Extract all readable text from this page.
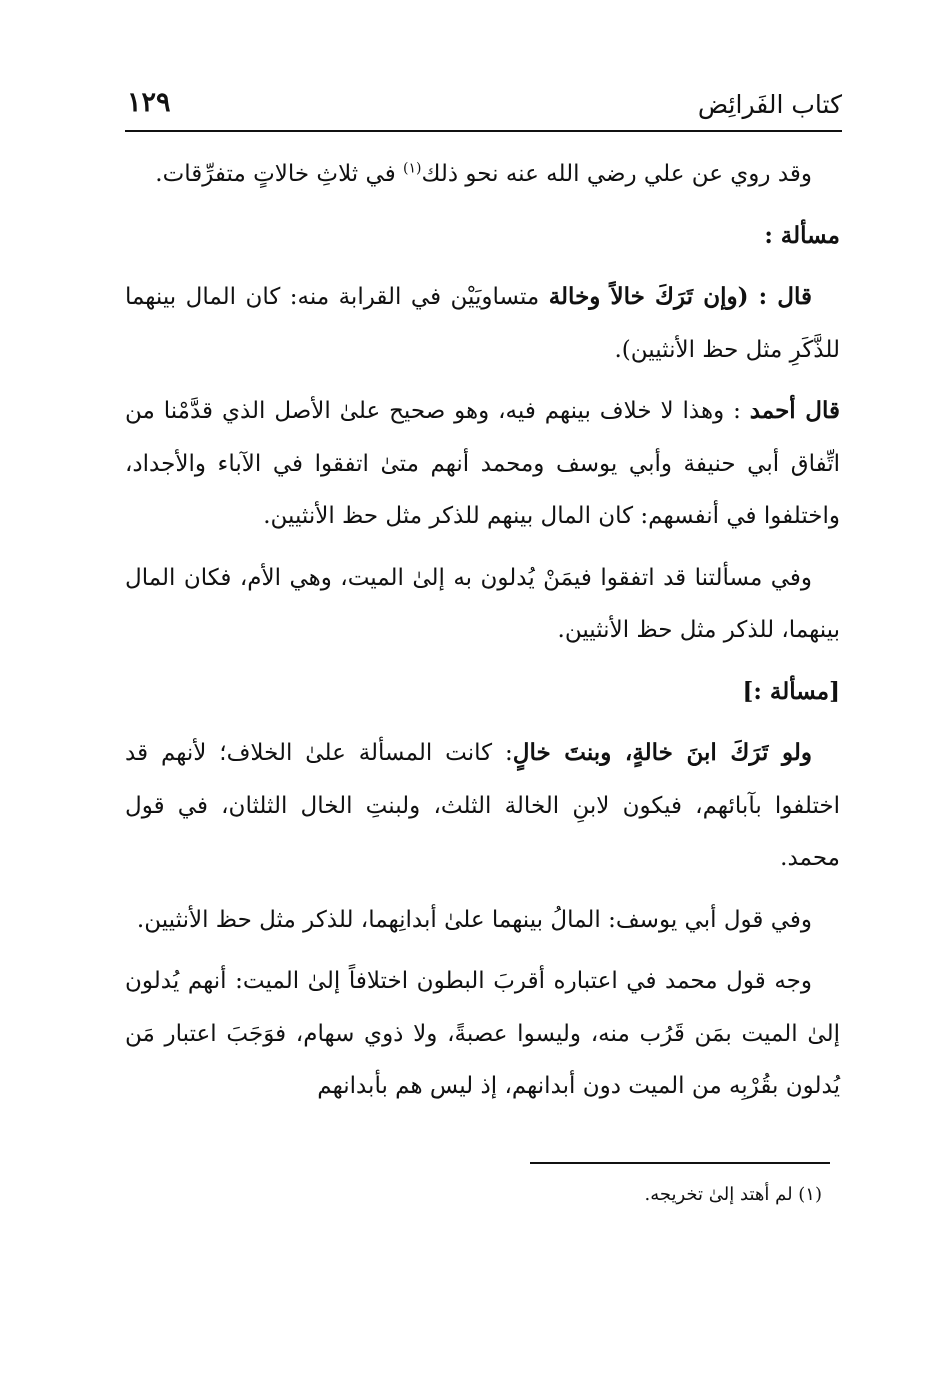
كتاب الفَرائِض
١٢٩

وقد روي عن علي رضي الله عنه نحو ذلك$^{(١)}$ في ثلاثِ خالاتٍ متفرِّقات.

مسألة :

قال : (وإن تَرَكَ خالاً وخالة متساويَيْن في القرابة منه: كان المال بينهما للذَّكَرِ مثل حظ الأنثيين).

قال أحمد : وهذا لا خلاف بينهم فيه، وهو صحيح علىٰ الأصل الذي قدَّمْنا من اتِّفاق أبي حنيفة وأبي يوسف ومحمد أنهم متىٰ اتفقوا في الآباء والأجداد، واختلفوا في أنفسهم: كان المال بينهم للذكر مثل حظ الأنثيين.

وفي مسألتنا قد اتفقوا فيمَنْ يُدلون به إلىٰ الميت، وهي الأم، فكان المال بينهما، للذكر مثل حظ الأنثيين.

[مسألة :]

ولو تَرَكَ ابنَ خالةٍ، وبنتَ خالٍ: كانت المسألة علىٰ الخلاف؛ لأنهم قد اختلفوا بآبائهم، فيكون لابنِ الخالة الثلث، ولبنتِ الخال الثلثان، في قول محمد.

وفي قول أبي يوسف: المالُ بينهما علىٰ أبدانِهما، للذكر مثل حظ الأنثيين.

وجه قول محمد في اعتباره أقربَ البطون اختلافاً إلىٰ الميت: أنهم يُدلون إلىٰ الميت بمَن قَرُب منه، وليسوا عصبةً، ولا ذوي سهام، فوَجَبَ اعتبار مَن يُدلون بقُرْبِه من الميت دون أبدانهم، إذ ليس هم بأبدانهم

(١) لم أهتد إلىٰ تخريجه.
